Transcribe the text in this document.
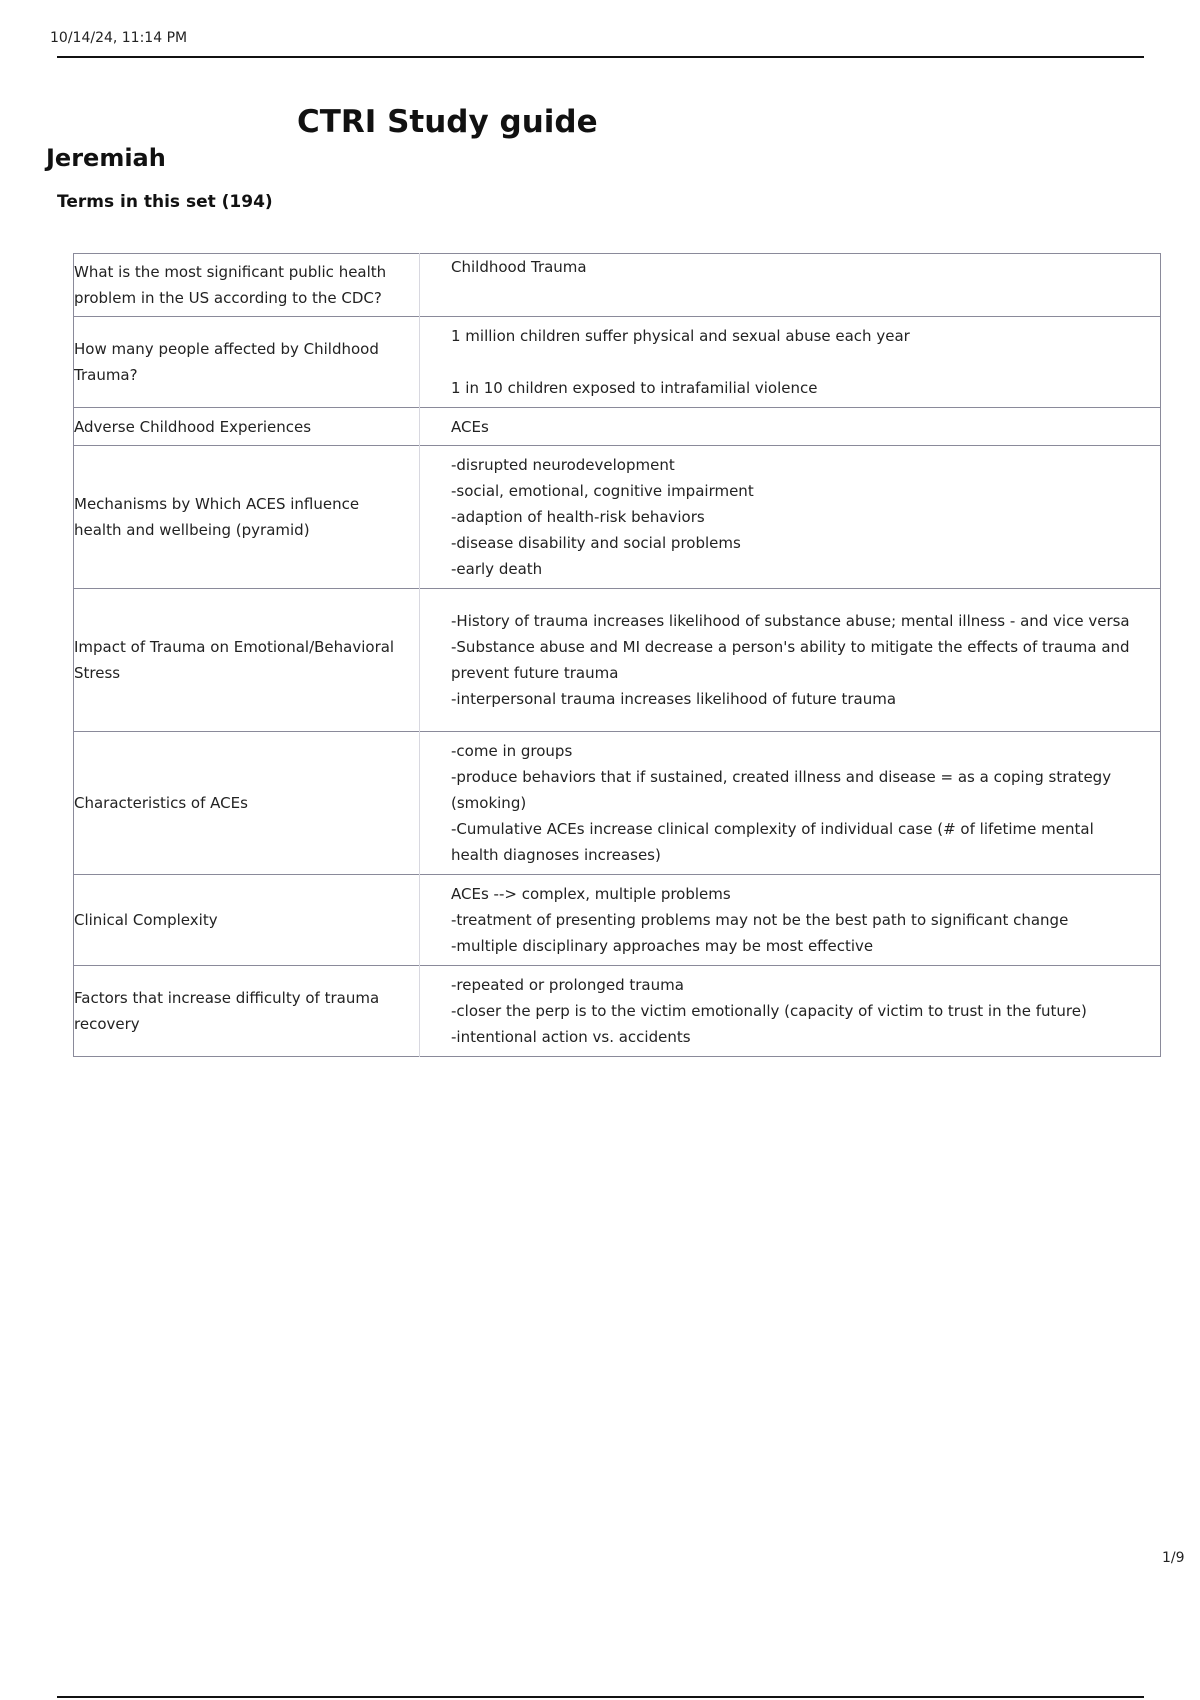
10/14/24, 11:14 PM
CTRI Study guide
Jeremiah
Terms in this set (194)
What is the most significant public health problem in the US according to the CDC?	Childhood Trauma

How many people affected by Childhood Trauma?	1 million children suffer physical and sexual abuse each year
1 in 10 children exposed to intrafamilial violence

Adverse Childhood Experiences	ACEs

Mechanisms by Which ACES influence health and wellbeing (pyramid)	-disrupted neurodevelopment
-social, emotional, cognitive impairment
-adaption of health-risk behaviors
-disease disability and social problems
-early death

Impact of Trauma on Emotional/Behavioral Stress	-History of trauma increases likelihood of substance abuse; mental illness - and vice versa
-Substance abuse and MI decrease a person's ability to mitigate the effects of trauma and prevent future trauma
-interpersonal trauma increases likelihood of future trauma

Characteristics of ACEs	-come in groups
-produce behaviors that if sustained, created illness and disease = as a coping strategy (smoking)
-Cumulative ACEs increase clinical complexity of individual case (# of lifetime mental health diagnoses increases)

Clinical Complexity	ACEs --> complex, multiple problems
-treatment of presenting problems may not be the best path to significant change
-multiple disciplinary approaches may be most effective

Factors that increase difficulty of trauma recovery	-repeated or prolonged trauma
-closer the perp is to the victim emotionally (capacity of victim to trust in the future)
-intentional action vs. accidents
1/9
